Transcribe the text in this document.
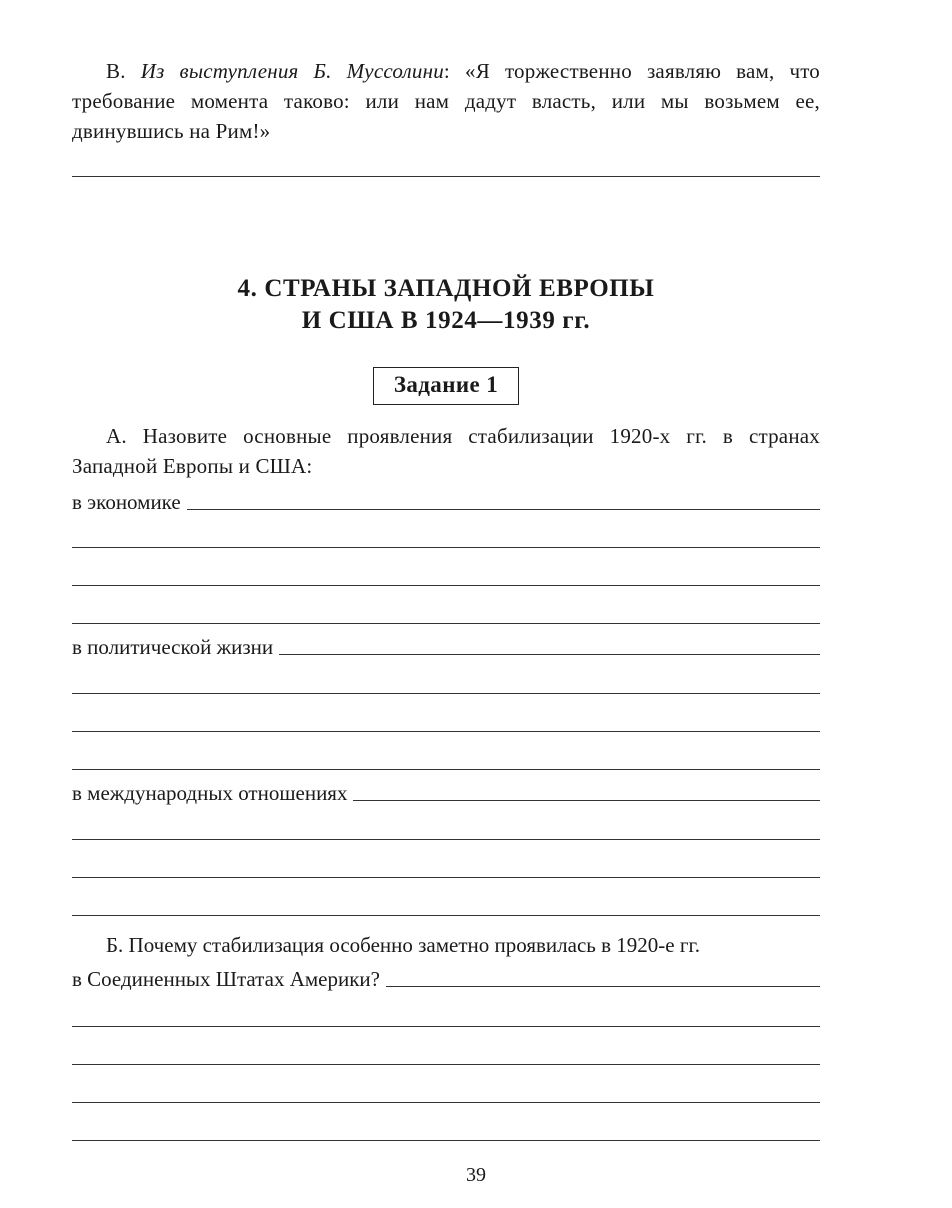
В. Из выступления Б. Муссолини: «Я торжественно заявляю вам, что требование момента таково: или нам дадут власть, или мы возьмем ее, двинувшись на Рим!»
4. СТРАНЫ ЗАПАДНОЙ ЕВРОПЫ
И США В 1924—1939 гг.
Задание 1
А. Назовите основные проявления стабилизации 1920-х гг. в странах Западной Европы и США:
в экономике
в политической жизни
в международных отношениях
Б. Почему стабилизация особенно заметно проявилась в 1920-е гг.
в Соединенных Штатах Америки?
39
